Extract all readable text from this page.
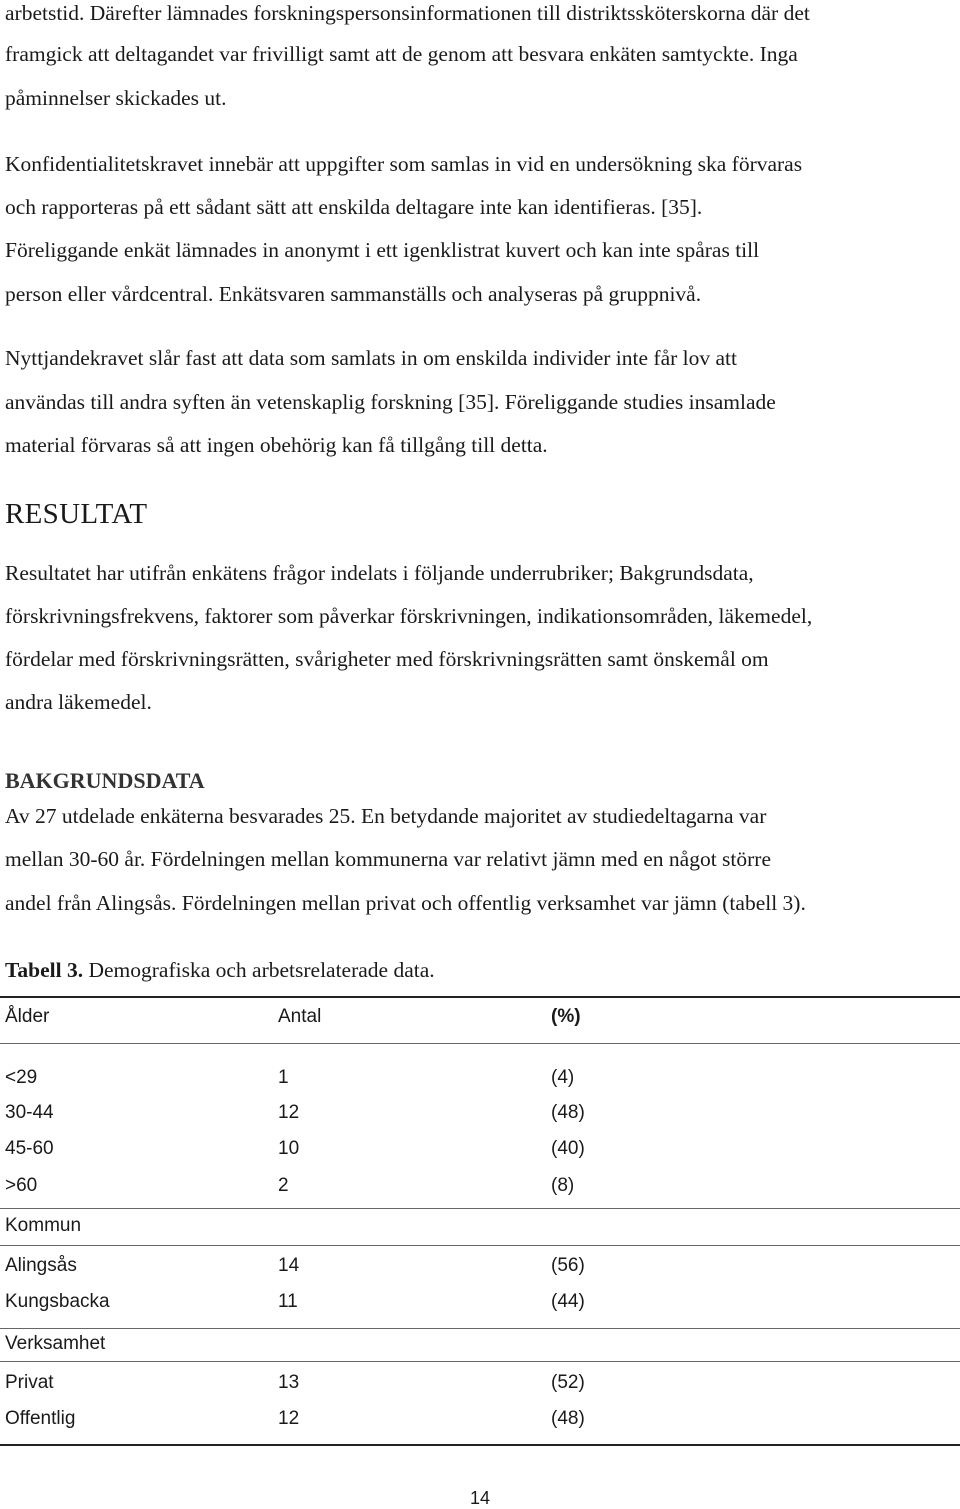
arbetstid. Därefter lämnades forskningspersonsinformationen till distriktssköterskorna där det
framgick att deltagandet var frivilligt samt att de genom att besvara enkäten samtyckte. Inga
påminnelser skickades ut.
Konfidentialitetskravet innebär att uppgifter som samlas in vid en undersökning ska förvaras
och rapporteras på ett sådant sätt att enskilda deltagare inte kan identifieras. [35].
Föreliggande enkät lämnades in anonymt i ett igenklistrat kuvert och kan inte spåras till
person eller vårdcentral. Enkätsvaren sammanställs och analyseras på gruppnivå.
Nyttjandekravet slår fast att data som samlats in om enskilda individer inte får lov att
användas till andra syften än vetenskaplig forskning [35]. Föreliggande studies insamlade
material förvaras så att ingen obehörig kan få tillgång till detta.
RESULTAT
Resultatet har utifrån enkätens frågor indelats i följande underrubriker; Bakgrundsdata,
förskrivningsfrekvens, faktorer som påverkar förskrivningen, indikationsområden, läkemedel,
fördelar med förskrivningsrätten, svårigheter med förskrivningsrätten samt önskemål om
andra läkemedel.
BAKGRUNDSDATA
Av 27 utdelade enkäterna besvarades 25. En betydande majoritet av studiedeltagarna var
mellan 30-60 år. Fördelningen mellan kommunerna var relativt jämn med en något större
andel från Alingsås. Fördelningen mellan privat och offentlig verksamhet var jämn (tabell 3).
Tabell 3. Demografiska och arbetsrelaterade data.
Ålder	Antal	(%)
<29	1	(4)
30-44	12	(48)
45-60	10	(40)
>60	2	(8)
Kommun
Alingsås	14	(56)
Kungsbacka	11	(44)
Verksamhet
Privat	13	(52)
Offentlig	12	(48)
14
